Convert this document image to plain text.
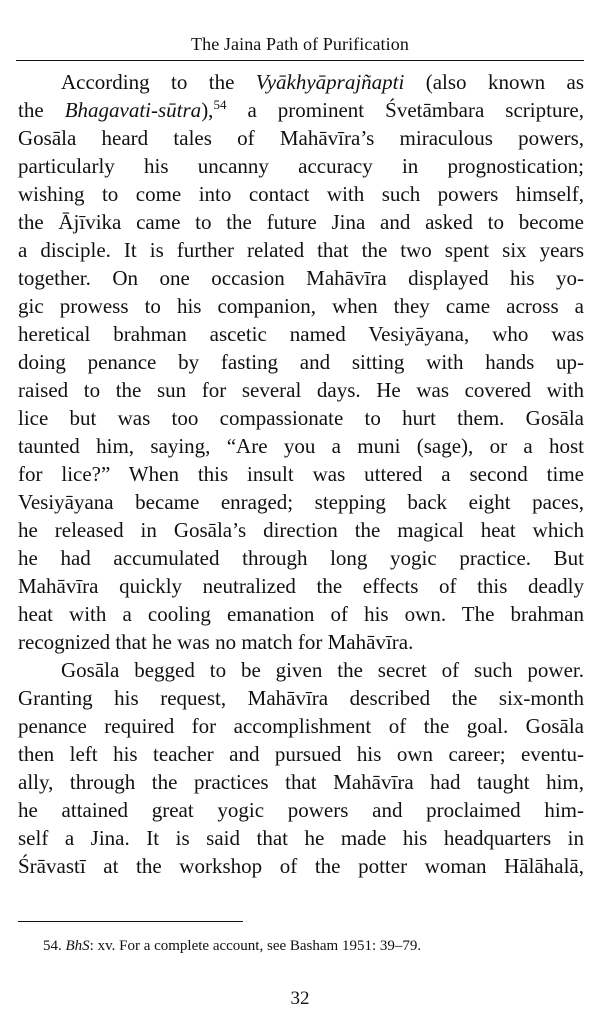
The Jaina Path of Purification
According to the Vyākhyāprajñapti (also known as
the Bhagavati-sūtra),$^{54}$ a prominent Śvetāmbara scripture,
Gosāla heard tales of Mahāvīra’s miraculous powers,
particularly his uncanny accuracy in prognostication;
wishing to come into contact with such powers himself,
the Ājīvika came to the future Jina and asked to become
a disciple. It is further related that the two spent six years
together. On one occasion Mahāvīra displayed his yo-
gic prowess to his companion, when they came across a
heretical brahman ascetic named Vesiyāyana, who was
doing penance by fasting and sitting with hands up-
raised to the sun for several days. He was covered with
lice but was too compassionate to hurt them. Gosāla
taunted him, saying, “Are you a muni (sage), or a host
for lice?” When this insult was uttered a second time
Vesiyāyana became enraged; stepping back eight paces,
he released in Gosāla’s direction the magical heat which
he had accumulated through long yogic practice. But
Mahāvīra quickly neutralized the effects of this deadly
heat with a cooling emanation of his own. The brahman
recognized that he was no match for Mahāvīra.
Gosāla begged to be given the secret of such power.
Granting his request, Mahāvīra described the six-month
penance required for accomplishment of the goal. Gosāla
then left his teacher and pursued his own career; eventu-
ally, through the practices that Mahāvīra had taught him,
he attained great yogic powers and proclaimed him-
self a Jina. It is said that he made his headquarters in
Śrāvastī at the workshop of the potter woman Hālāhalā,
54. BhS: xv. For a complete account, see Basham 1951: 39–79.
32
